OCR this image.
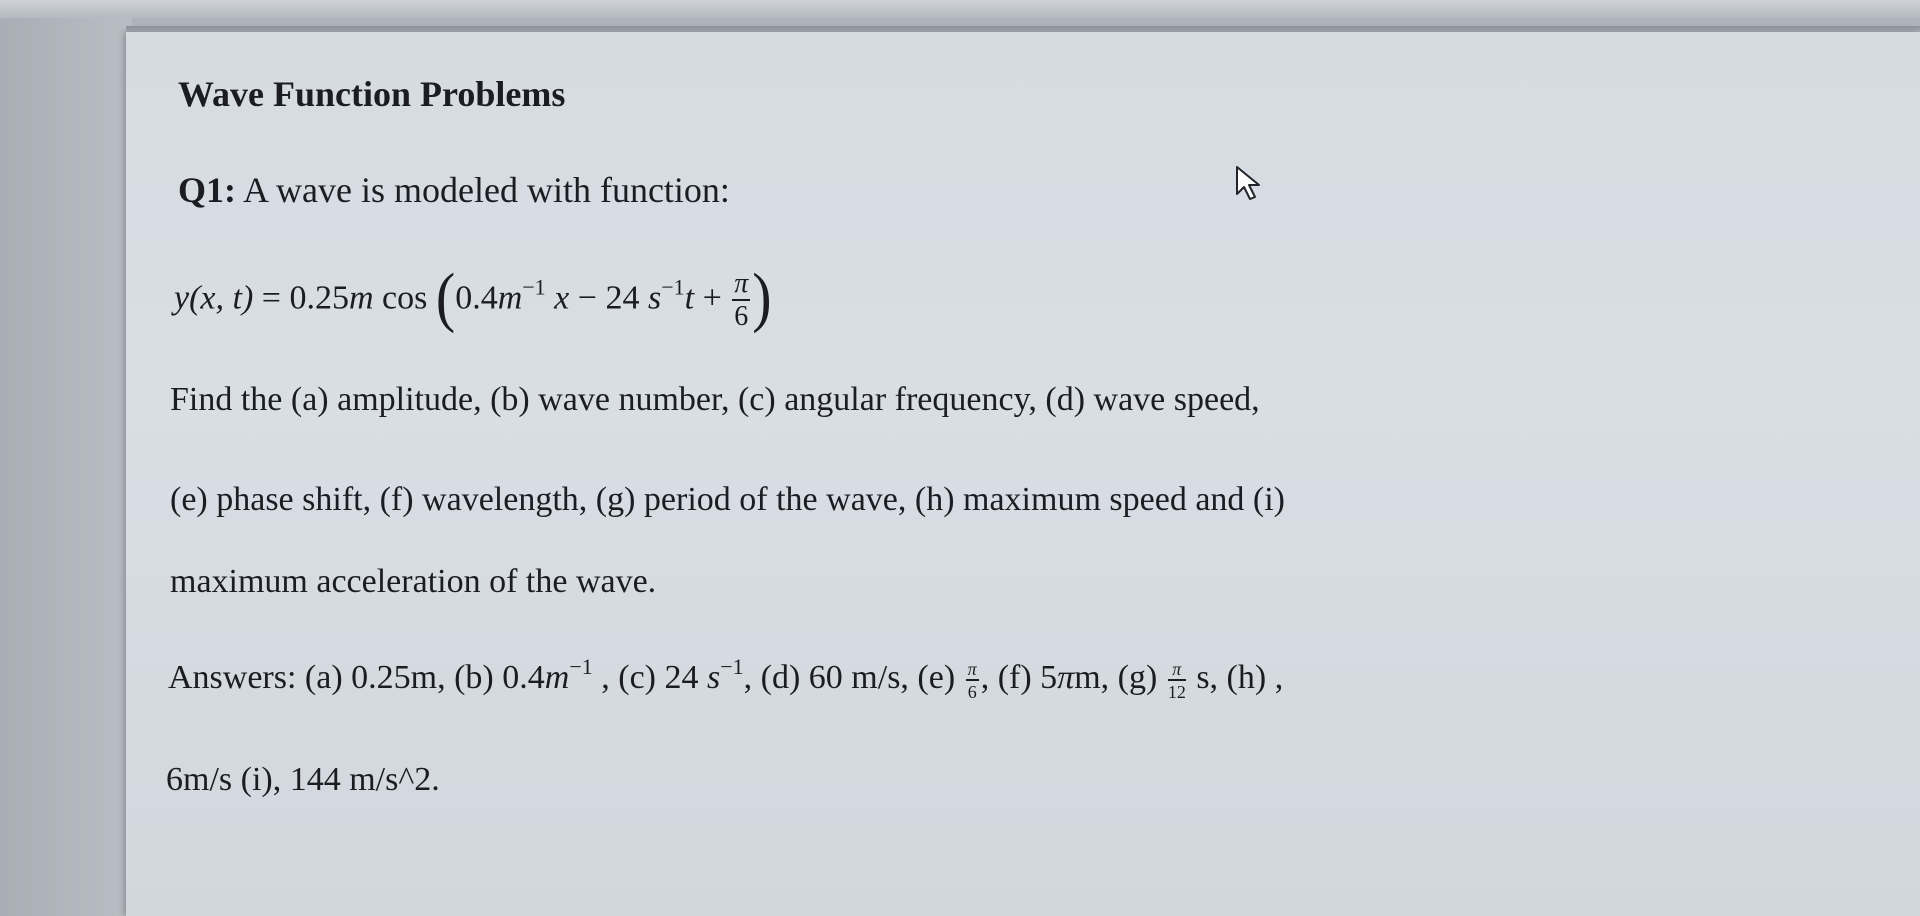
Wave Function Problems
Q1: A wave is modeled with function:
y(x, t) = 0.25m $\cos (0.4m^{-1}$ x − 24 $s^{-1}t + \frac{\pi}{6}$ )
Find the (a) amplitude, (b) wave number, (c) angular frequency, (d) wave speed,
(e) phase shift, (f) wavelength, (g) period of the wave, (h) maximum speed and (i)
maximum acceleration of the wave.
Answers: (a) 0.25m, (b) $0.4m^{-1}$ , (c) 24 $s^{-1}$, (d) 60 m/s, $(e) \frac{\pi}{6}$ , (f) 5πm, $(g) \frac{\pi}{12} s$, (h) ,
6m/s (i), 144 m/s^2.
